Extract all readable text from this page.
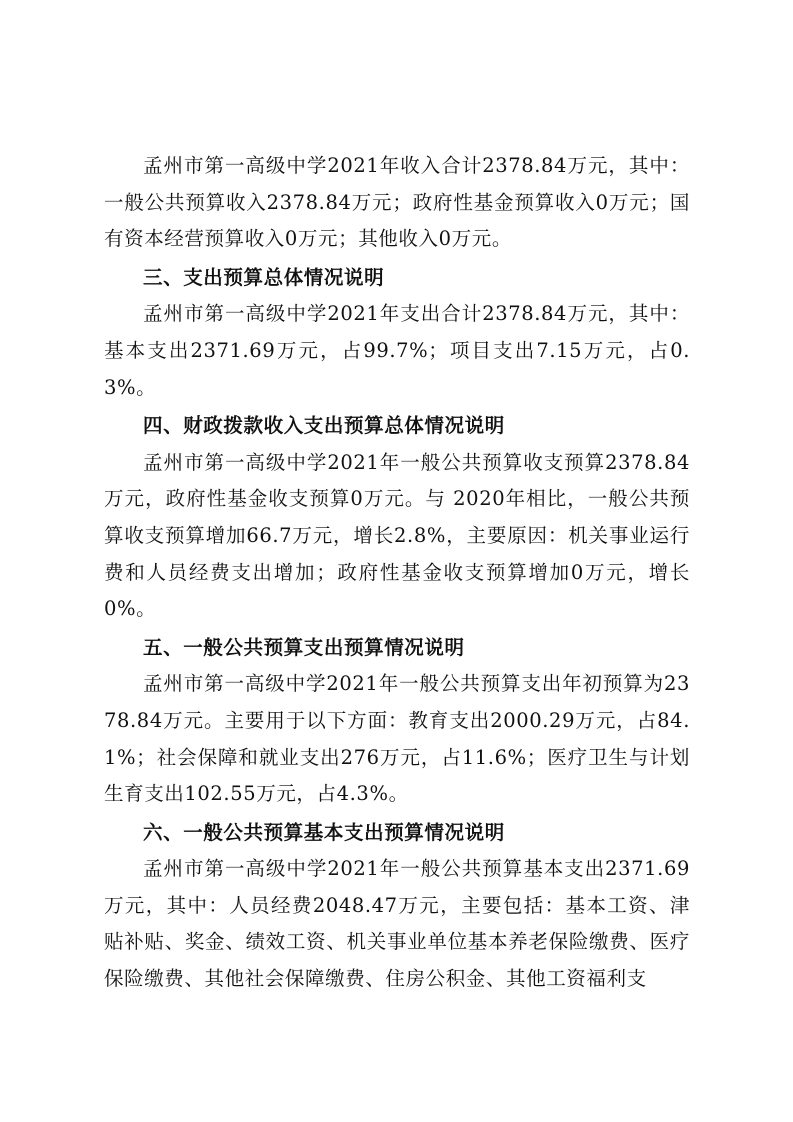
孟州市第一高级中学2021年收入合计2378.84万元，其中：一般公共预算收入2378.84万元；政府性基金预算收入0万元；国有资本经营预算收入0万元；其他收入0万元。

三、支出预算总体情况说明

孟州市第一高级中学2021年支出合计2378.84万元，其中：基本支出2371.69万元，占99.7%；项目支出7.15万元，占0.3%。

四、财政拨款收入支出预算总体情况说明

孟州市第一高级中学2021年一般公共预算收支预算2378.84万元，政府性基金收支预算0万元。与 2020年相比，一般公共预算收支预算增加66.7万元，增长2.8%，主要原因：机关事业运行费和人员经费支出增加；政府性基金收支预算增加0万元，增长0%。

五、一般公共预算支出预算情况说明

孟州市第一高级中学2021年一般公共预算支出年初预算为2378.84万元。主要用于以下方面：教育支出2000.29万元，占84.1%；社会保障和就业支出276万元，占11.6%；医疗卫生与计划生育支出102.55万元，占4.3%。

六、一般公共预算基本支出预算情况说明

孟州市第一高级中学2021年一般公共预算基本支出2371.69万元，其中：人员经费2048.47万元，主要包括：基本工资、津贴补贴、奖金、绩效工资、机关事业单位基本养老保险缴费、医疗保险缴费、其他社会保障缴费、住房公积金、其他工资福利支
